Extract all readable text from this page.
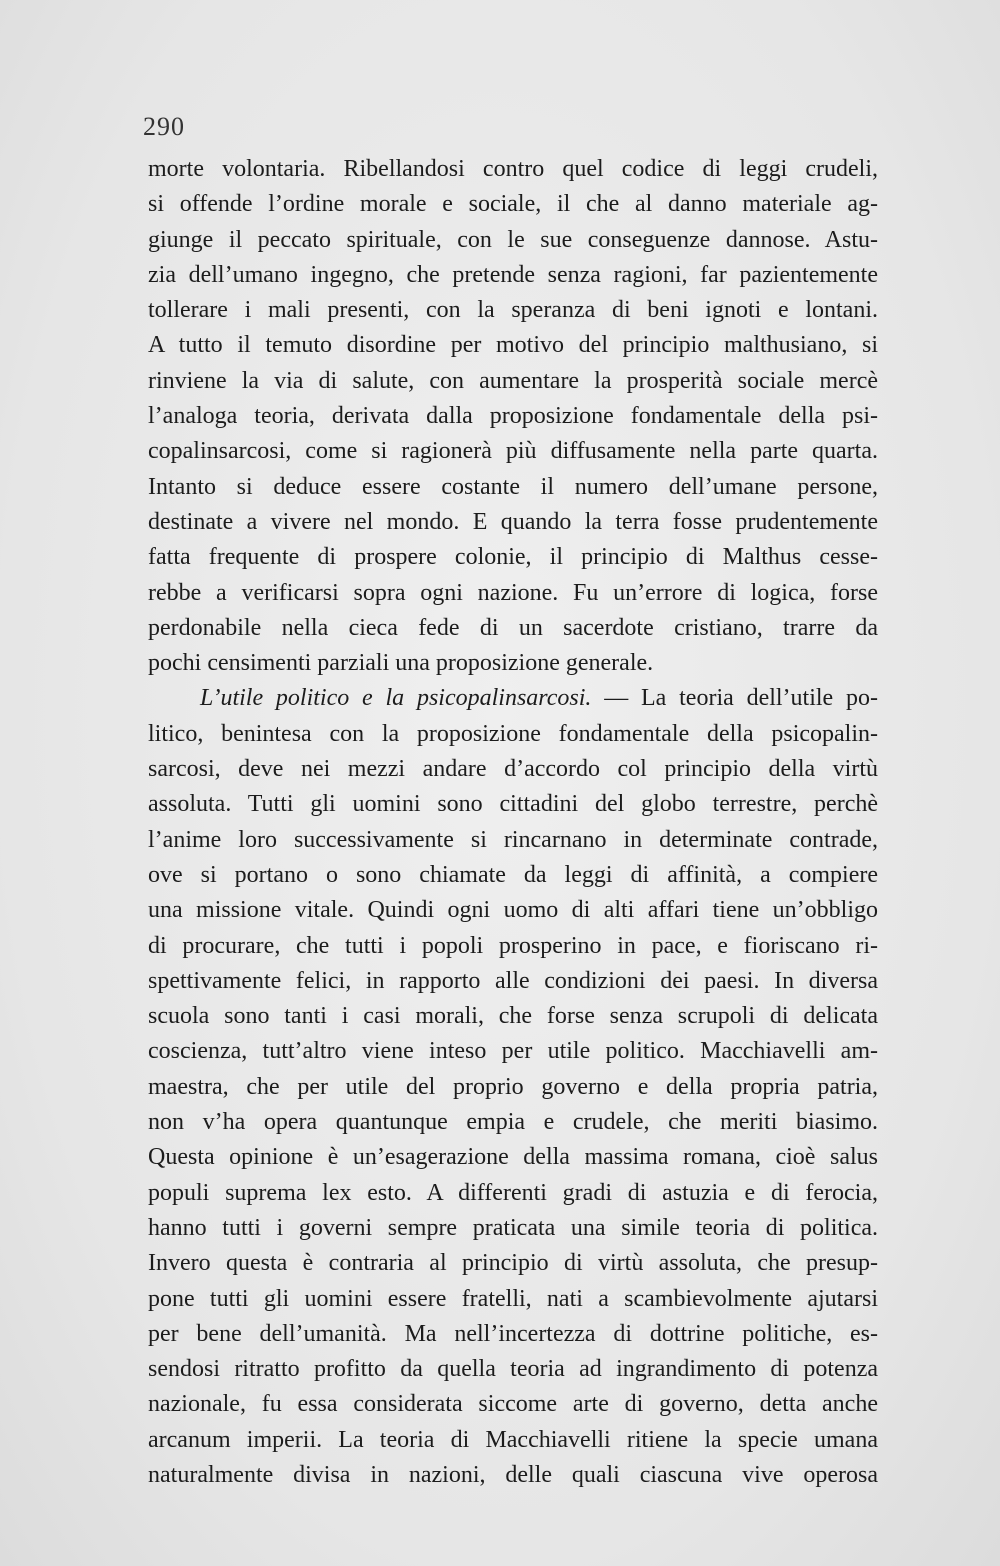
290
morte volontaria. Ribellandosi contro quel codice di leggi crudeli,
si offende l’ordine morale e sociale, il che al danno materiale ag-
giunge il peccato spirituale, con le sue conseguenze dannose. Astu-
zia dell’umano ingegno, che pretende senza ragioni, far pazientemente
tollerare i mali presenti, con la speranza di beni ignoti e lontani.
A tutto il temuto disordine per motivo del principio malthusiano, si
rinviene la via di salute, con aumentare la prosperità sociale mercè
l’analoga teoria, derivata dalla proposizione fondamentale della psi-
copalinsarcosi, come si ragionerà più diffusamente nella parte quarta.
Intanto si deduce essere costante il numero dell’umane persone,
destinate a vivere nel mondo. E quando la terra fosse prudentemente
fatta frequente di prospere colonie, il principio di Malthus cesse-
rebbe a verificarsi sopra ogni nazione. Fu un’errore di logica, forse
perdonabile nella cieca fede di un sacerdote cristiano, trarre da
pochi censimenti parziali una proposizione generale.
L’utile politico e la psicopalinsarcosi. — La teoria dell’utile po-
litico, benintesa con la proposizione fondamentale della psicopalin-
sarcosi, deve nei mezzi andare d’accordo col principio della virtù
assoluta. Tutti gli uomini sono cittadini del globo terrestre, perchè
l’anime loro successivamente si rincarnano in determinate contrade,
ove si portano o sono chiamate da leggi di affinità, a compiere
una missione vitale. Quindi ogni uomo di alti affari tiene un’obbligo
di procurare, che tutti i popoli prosperino in pace, e fioriscano ri-
spettivamente felici, in rapporto alle condizioni dei paesi. In diversa
scuola sono tanti i casi morali, che forse senza scrupoli di delicata
coscienza, tutt’altro viene inteso per utile politico. Macchiavelli am-
maestra, che per utile del proprio governo e della propria patria,
non v’ha opera quantunque empia e crudele, che meriti biasimo.
Questa opinione è un’esagerazione della massima romana, cioè salus
populi suprema lex esto. A differenti gradi di astuzia e di ferocia,
hanno tutti i governi sempre praticata una simile teoria di politica.
Invero questa è contraria al principio di virtù assoluta, che presup-
pone tutti gli uomini essere fratelli, nati a scambievolmente ajutarsi
per bene dell’umanità. Ma nell’incertezza di dottrine politiche, es-
sendosi ritratto profitto da quella teoria ad ingrandimento di potenza
nazionale, fu essa considerata siccome arte di governo, detta anche
arcanum imperii. La teoria di Macchiavelli ritiene la specie umana
naturalmente divisa in nazioni, delle quali ciascuna vive operosa
